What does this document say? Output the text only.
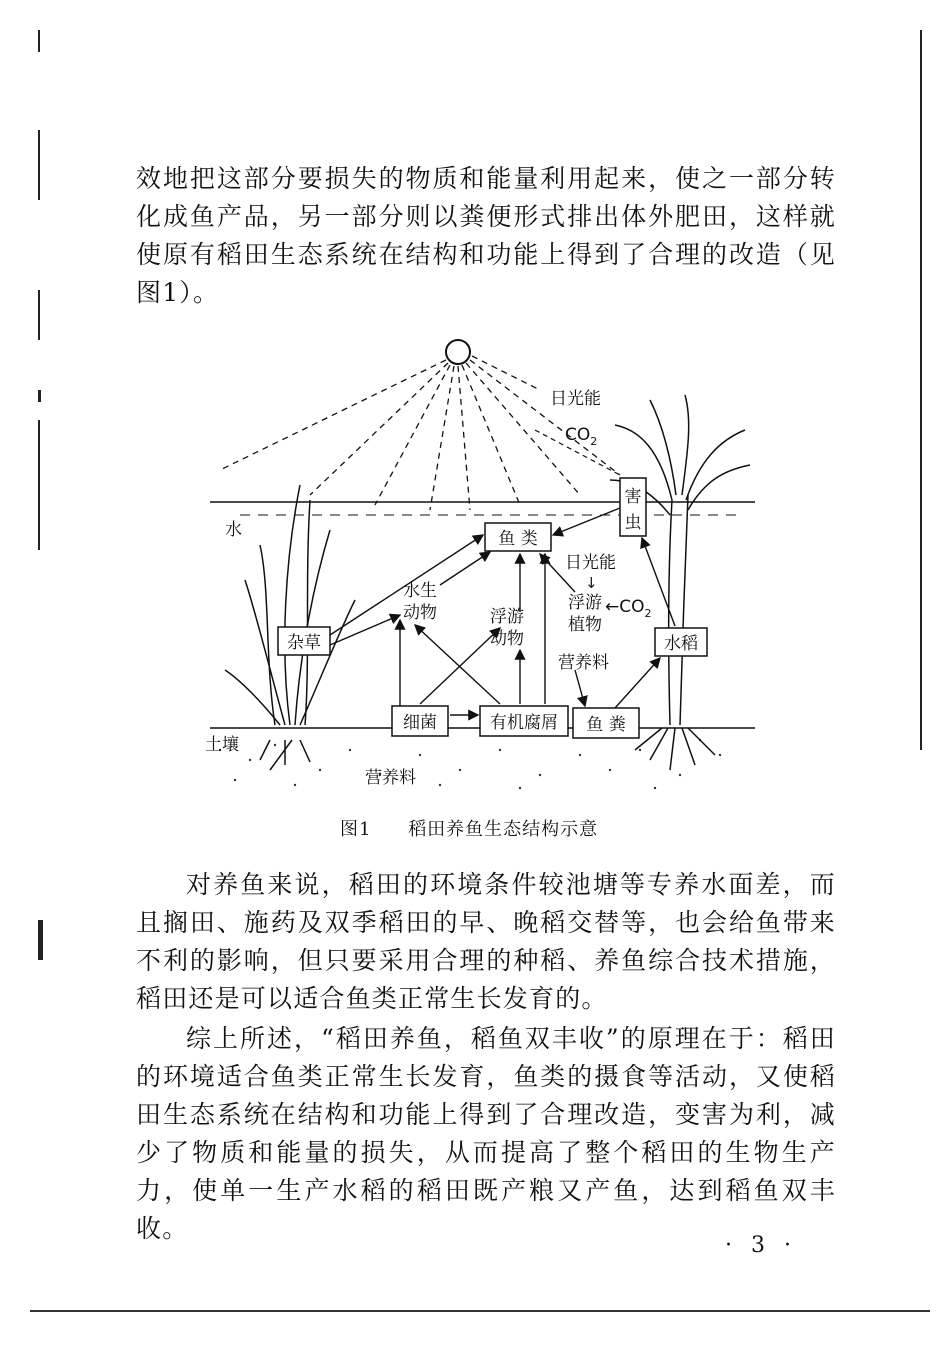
效地把这部分要损失的物质和能量利用起来，使之一部分转化成鱼产品，另一部分则以粪便形式排出体外肥田，这样就使原有稻田生态系统在结构和功能上得到了合理的改造（见图1）。

日光能
$CO_2$
水
土壤
营养料
鱼 类
害
虫
杂草	水稻
细菌	有机腐屑 鱼 粪
水生
动物	浮游
动物
日光能
↓
浮游
植物
$\leftarrow CO_2$
营养料
图1 稻田养鱼生态结构示意

对养鱼来说，稻田的环境条件较池塘等专养水面差，而且搁田、施药及双季稻田的早、晚稻交替等，也会给鱼带来不利的影响，但只要采用合理的种稻、养鱼综合技术措施，稻田还是可以适合鱼类正常生长发育的。

综上所述，“稻田养鱼，稻鱼双丰收”的原理在于：稻田的环境适合鱼类正常生长发育，鱼类的摄食等活动，又使稻田生态系统在结构和功能上得到了合理改造，变害为利，减少了物质和能量的损失，从而提高了整个稻田的生物生产力，使单一生产水稻的稻田既产粮又产鱼，达到稻鱼双丰收。

· 3 ·
